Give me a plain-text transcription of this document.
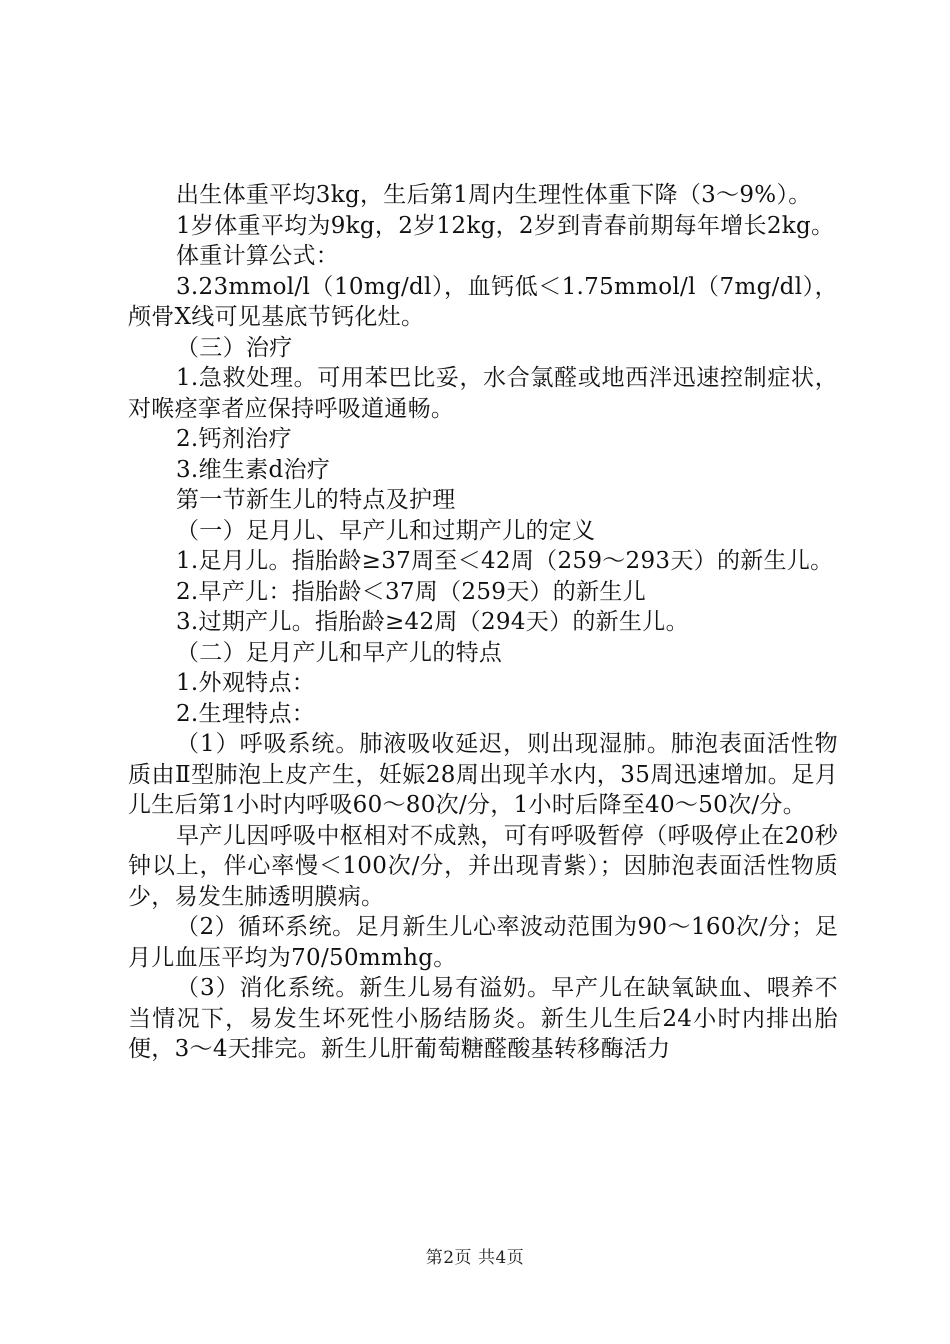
出生体重平均3kg，生后第1周内生理性体重下降（3～9%）。

1岁体重平均为9kg，2岁12kg，2岁到青春前期每年增长2kg。

体重计算公式：

3.23mmol/l（10mg/dl），血钙低＜1.75mmol/l（7mg/dl），颅骨X线可见基底节钙化灶。

（三）治疗

1.急救处理。可用苯巴比妥，水合氯醛或地西泮迅速控制症状，对喉痉挛者应保持呼吸道通畅。

2.钙剂治疗

3.维生素d治疗

第一节新生儿的特点及护理

（一）足月儿、早产儿和过期产儿的定义

1.足月儿。指胎龄≥37周至＜42周（259～293天）的新生儿。

2.早产儿：指胎龄＜37周（259天）的新生儿

3.过期产儿。指胎龄≥42周（294天）的新生儿。

（二）足月产儿和早产儿的特点

1.外观特点：

2.生理特点：

（1）呼吸系统。肺液吸收延迟，则出现湿肺。肺泡表面活性物质由Ⅱ型肺泡上皮产生，妊娠28周出现羊水内，35周迅速增加。足月儿生后第1小时内呼吸60～80次/分，1小时后降至40～50次/分。

早产儿因呼吸中枢相对不成熟，可有呼吸暂停（呼吸停止在20秒钟以上，伴心率慢＜100次/分，并出现青紫）；因肺泡表面活性物质少，易发生肺透明膜病。

（2）循环系统。足月新生儿心率波动范围为90～160次/分；足月儿血压平均为70/50mmhg。

（3）消化系统。新生儿易有溢奶。早产儿在缺氧缺血、喂养不当情况下，易发生坏死性小肠结肠炎。新生儿生后24小时内排出胎便，3～4天排完。新生儿肝葡萄糖醛酸基转移酶活力

第2页 共4页
